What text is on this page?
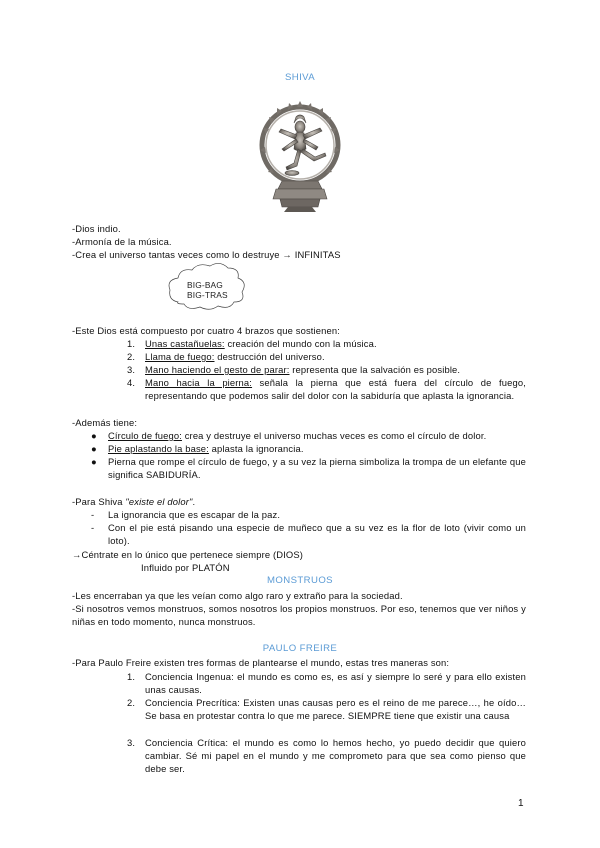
SHIVA
-Dios indio.
-Armonía de la música.
-Crea el universo tantas veces como lo destruye → INFINITAS
BIG-BAG
BIG-TRAS
-Este Dios está compuesto por cuatro 4 brazos que sostienen:
1. Unas castañuelas: creación del mundo con la música.
2. Llama de fuego: destrucción del universo.
3. Mano haciendo el gesto de parar: representa que la salvación es posible.
4. Mano hacia la pierna: señala la pierna que está fuera del círculo de fuego, representando que podemos salir del dolor con la sabiduría que aplasta la ignorancia.
-Además tiene:
● Círculo de fuego: crea y destruye el universo muchas veces es como el círculo de dolor.
● Pie aplastando la base: aplasta la ignorancia.
● Pierna que rompe el círculo de fuego, y a su vez la pierna simboliza la trompa de un elefante que significa SABIDURÍA.
-Para Shiva "existe el dolor".
- La ignorancia que es escapar de la paz.
- Con el pie está pisando una especie de muñeco que a su vez es la flor de loto (vivir como un loto).
→Céntrate en lo único que pertenece siempre (DIOS)
Influido por PLATÓN
MONSTRUOS
-Les encerraban ya que les veían como algo raro y extraño para la sociedad.
-Si nosotros vemos monstruos, somos nosotros los propios monstruos. Por eso, tenemos que ver niños y niñas en todo momento, nunca monstruos.
PAULO FREIRE
-Para Paulo Freire existen tres formas de plantearse el mundo, estas tres maneras son:
1. Conciencia Ingenua: el mundo es como es, es así y siempre lo seré y para ello existen unas causas.
2. Conciencia Precrítica: Existen unas causas pero es el reino de me parece…, he oído… Se basa en protestar contra lo que me parece. SIEMPRE tiene que existir una causa
3. Conciencia Crítica: el mundo es como lo hemos hecho, yo puedo decidir que quiero cambiar. Sé mi papel en el mundo y me comprometo para que sea como pienso que debe ser.
1
